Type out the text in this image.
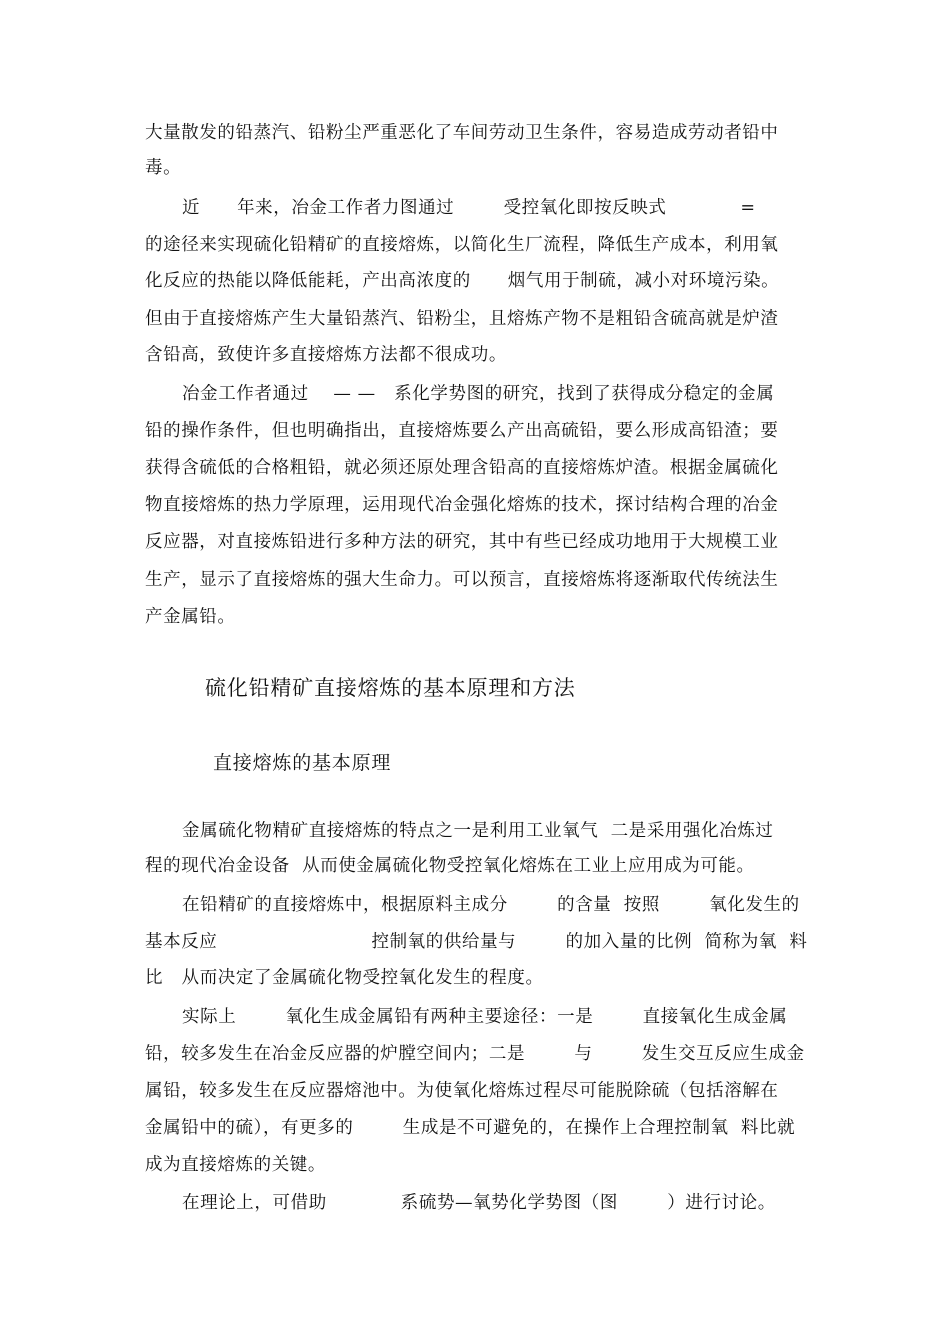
大量散发的铅蒸汽、铅粉尘严重恶化了车间劳动卫生条件，容易造成劳动者铅中
毒。
近      年来，冶金工作者力图通过        受控氧化即按反映式            =
的途径来实现硫化铅精矿的直接熔炼，以简化生厂流程，降低生产成本，利用氧
化反应的热能以降低能耗，产出高浓度的      烟气用于制硫，减小对环境污染。
但由于直接熔炼产生大量铅蒸汽、铅粉尘，且熔炼产物不是粗铅含硫高就是炉渣
含铅高，致使许多直接熔炼方法都不很成功。
冶金工作者通过    — —   系化学势图的研究，找到了获得成分稳定的金属
铅的操作条件，但也明确指出，直接熔炼要么产出高硫铅，要么形成高铅渣；要
获得含硫低的合格粗铅，就必须还原处理含铅高的直接熔炼炉渣。根据金属硫化
物直接熔炼的热力学原理，运用现代冶金强化熔炼的技术，探讨结构合理的冶金
反应器，对直接炼铅进行多种方法的研究，其中有些已经成功地用于大规模工业
生产，显示了直接熔炼的强大生命力。可以预言，直接熔炼将逐渐取代传统法生
产金属铅。
硫化铅精矿直接熔炼的基本原理和方法
直接熔炼的基本原理
金属硫化物精矿直接熔炼的特点之一是利用工业氧气  二是采用强化冶炼过
程的现代冶金设备  从而使金属硫化物受控氧化熔炼在工业上应用成为可能。
在铅精矿的直接熔炼中，根据原料主成分        的含量  按照        氧化发生的
基本反应                         控制氧的供给量与        的加入量的比例  简称为氧  料
比   从而决定了金属硫化物受控氧化发生的程度。
实际上        氧化生成金属铅有两种主要途径：一是        直接氧化生成金属
铅，较多发生在冶金反应器的炉膛空间内；二是        与        发生交互反应生成金
属铅，较多发生在反应器熔池中。为使氧化熔炼过程尽可能脱除硫（包括溶解在
金属铅中的硫），有更多的        生成是不可避免的，在操作上合理控制氧  料比就
成为直接熔炼的关键。
在理论上，可借助            系硫势—氧势化学势图（图        ）进行讨论。
